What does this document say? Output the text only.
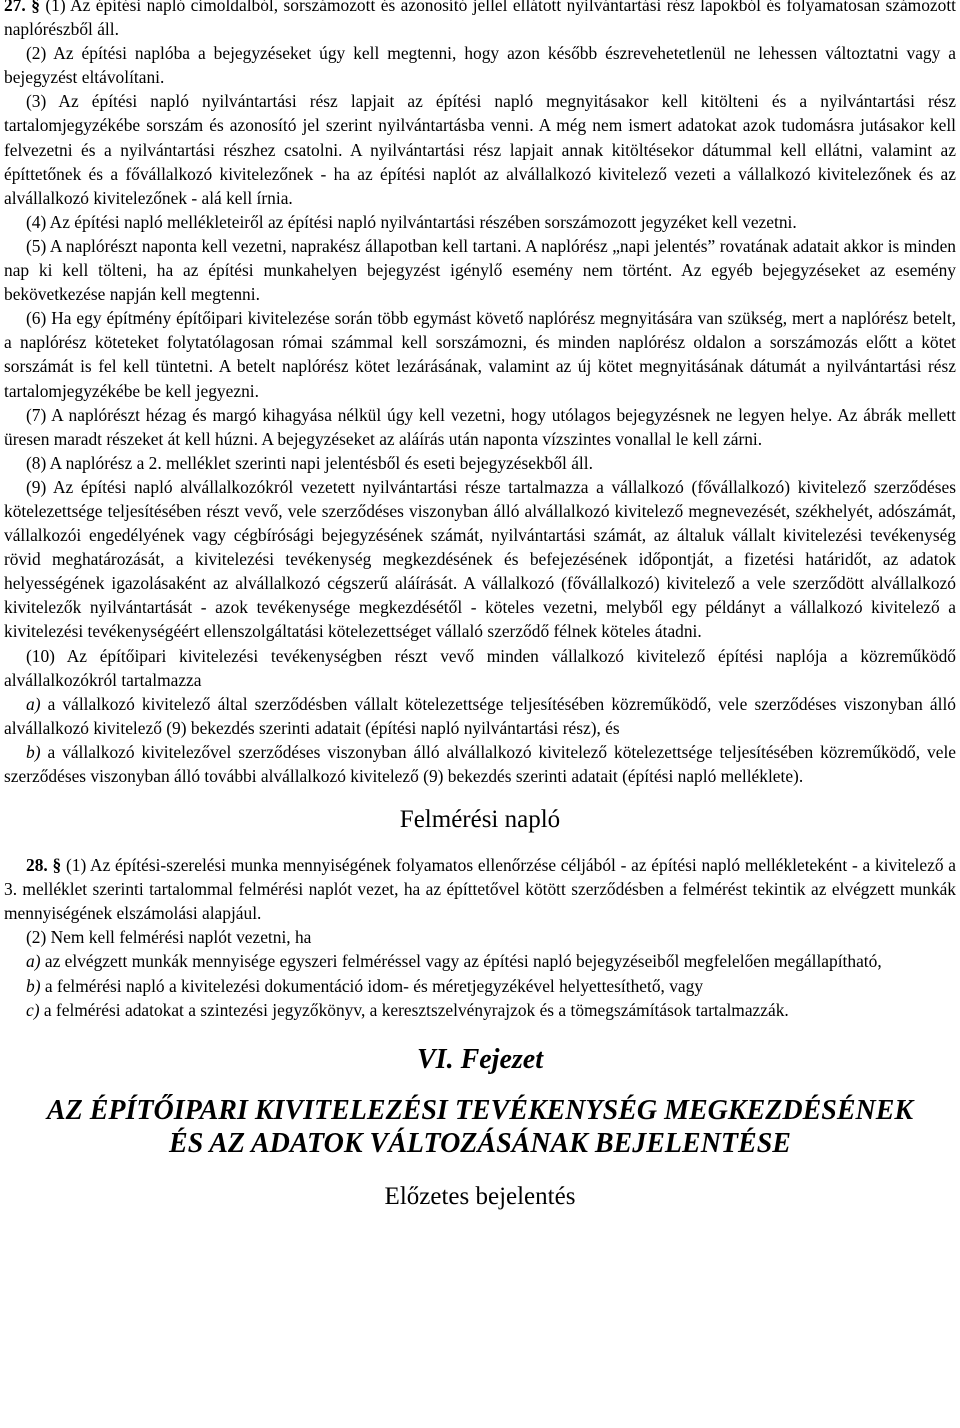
27. § (1) Az építési napló címoldalból, sorszámozott és azonosító jellel ellátott nyilvántartási rész lapokból és folyamatosan számozott naplórészből áll.

(2) Az építési naplóba a bejegyzéseket úgy kell megtenni, hogy azon később észrevehetetlenül ne lehessen változtatni vagy a bejegyzést eltávolítani.

(3) Az építési napló nyilvántartási rész lapjait az építési napló megnyitásakor kell kitölteni és a nyilvántartási rész tartalomjegyzékébe sorszám és azonosító jel szerint nyilvántartásba venni. A még nem ismert adatokat azok tudomásra jutásakor kell felvezetni és a nyilvántartási részhez csatolni. A nyilvántartási rész lapjait annak kitöltésekor dátummal kell ellátni, valamint az építtetőnek és a fővállalkozó kivitelezőnek - ha az építési naplót az alvállalkozó kivitelező vezeti a vállalkozó kivitelezőnek és az alvállalkozó kivitelezőnek - alá kell írnia.

(4) Az építési napló mellékleteiről az építési napló nyilvántartási részében sorszámozott jegyzéket kell vezetni.

(5) A naplórészt naponta kell vezetni, naprakész állapotban kell tartani. A naplórész „napi jelentés” rovatának adatait akkor is minden nap ki kell tölteni, ha az építési munkahelyen bejegyzést igénylő esemény nem történt. Az egyéb bejegyzéseket az esemény bekövetkezése napján kell megtenni.

(6) Ha egy építmény építőipari kivitelezése során több egymást követő naplórész megnyitására van szükség, mert a naplórész betelt, a naplórész köteteket folytatólagosan római számmal kell sorszámozni, és minden naplórész oldalon a sorszámozás előtt a kötet sorszámát is fel kell tüntetni. A betelt naplórész kötet lezárásának, valamint az új kötet megnyitásának dátumát a nyilvántartási rész tartalomjegyzékébe be kell jegyezni.

(7) A naplórészt hézag és margó kihagyása nélkül úgy kell vezetni, hogy utólagos bejegyzésnek ne legyen helye. Az ábrák mellett üresen maradt részeket át kell húzni. A bejegyzéseket az aláírás után naponta vízszintes vonallal le kell zárni.

(8) A naplórész a 2. melléklet szerinti napi jelentésből és eseti bejegyzésekből áll.

(9) Az építési napló alvállalkozókról vezetett nyilvántartási része tartalmazza a vállalkozó (fővállalkozó) kivitelező szerződéses kötelezettsége teljesítésében részt vevő, vele szerződéses viszonyban álló alvállalkozó kivitelező megnevezését, székhelyét, adószámát, vállalkozói engedélyének vagy cégbírósági bejegyzésének számát, nyilvántartási számát, az általuk vállalt kivitelezési tevékenység rövid meghatározását, a kivitelezési tevékenység megkezdésének és befejezésének időpontját, a fizetési határidőt, az adatok helyességének igazolásaként az alvállalkozó cégszerű aláírását. A vállalkozó (fővállalkozó) kivitelező a vele szerződött alvállalkozó kivitelezők nyilvántartását - azok tevékenysége megkezdésétől - köteles vezetni, melyből egy példányt a vállalkozó kivitelező a kivitelezési tevékenységéért ellenszolgáltatási kötelezettséget vállaló szerződő félnek köteles átadni.

(10) Az építőipari kivitelezési tevékenységben részt vevő minden vállalkozó kivitelező építési naplója a közreműködő alvállalkozókról tartalmazza

a) a vállalkozó kivitelező által szerződésben vállalt kötelezettsége teljesítésében közreműködő, vele szerződéses viszonyban álló alvállalkozó kivitelező (9) bekezdés szerinti adatait (építési napló nyilvántartási rész), és

b) a vállalkozó kivitelezővel szerződéses viszonyban álló alvállalkozó kivitelező kötelezettsége teljesítésében közreműködő, vele szerződéses viszonyban álló további alvállalkozó kivitelező (9) bekezdés szerinti adatait (építési napló melléklete).

Felmérési napló

28. § (1) Az építési-szerelési munka mennyiségének folyamatos ellenőrzése céljából - az építési napló mellékleteként - a kivitelező a 3. melléklet szerinti tartalommal felmérési naplót vezet, ha az építtetővel kötött szerződésben a felmérést tekintik az elvégzett munkák mennyiségének elszámolási alapjául.

(2) Nem kell felmérési naplót vezetni, ha

a) az elvégzett munkák mennyisége egyszeri felméréssel vagy az építési napló bejegyzéseiből megfelelően megállapítható,

b) a felmérési napló a kivitelezési dokumentáció idom- és méretjegyzékével helyettesíthető, vagy

c) a felmérési adatokat a szintezési jegyzőkönyv, a keresztszelvényrajzok és a tömegszámítások tartalmazzák.

VI. Fejezet
AZ ÉPÍTŐIPARI KIVITELEZÉSI TEVÉKENYSÉG MEGKEZDÉSÉNEK
ÉS AZ ADATOK VÁLTOZÁSÁNAK BEJELENTÉSE
Előzetes bejelentés
